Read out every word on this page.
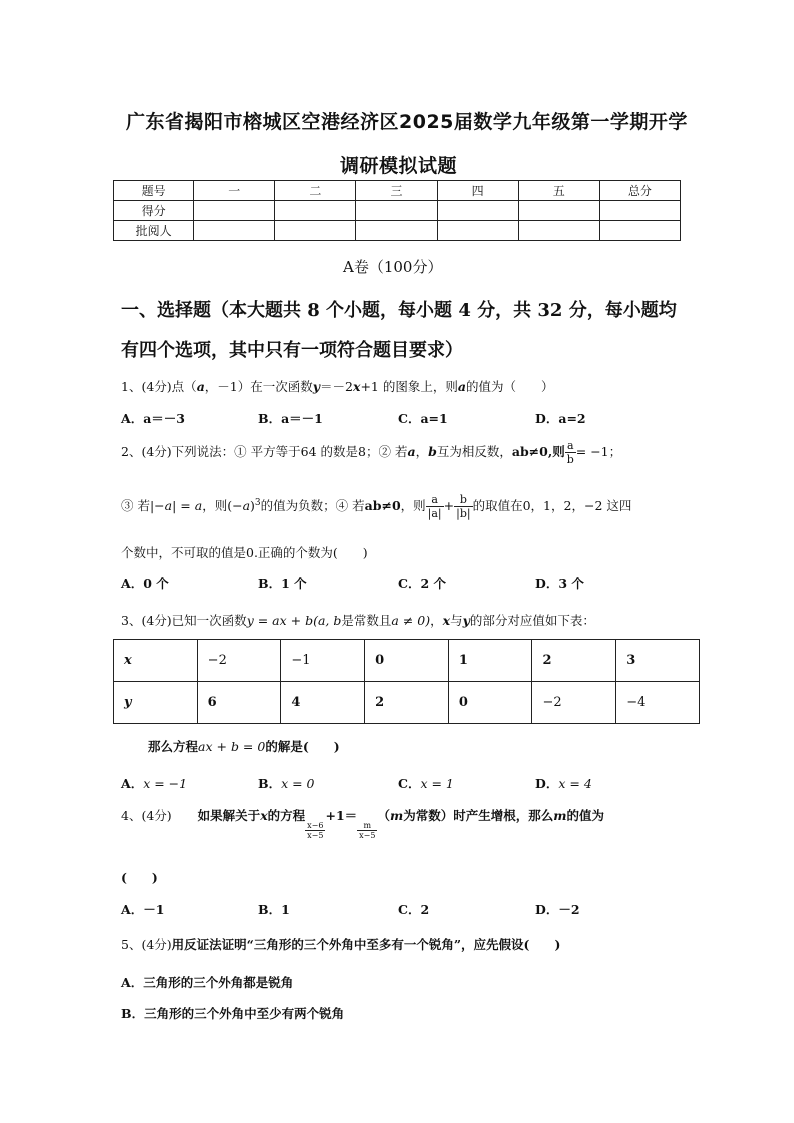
广东省揭阳市榕城区空港经济区2025届数学九年级第一学期开学
调研模拟试题
题号	一	二	三	四	五	总分
得分						
批阅人						
A卷（100分）
一、选择题（本大题共 8 个小题，每小题 4 分，共 32 分，每小题均
有四个选项，其中只有一项符合题目要求）
1、(4分)点（a，－1）在一次函数y＝－2x+1 的图象上，则a的值为（　　）
A．a＝－3	B．a＝－1	C．a=1	D．a=2
2、(4分)下列说法：① 平方等于64 的数是8；② 若a，b互为相反数，ab≠0,则 $\frac{a}{b} = -1$；
③ 若|−a| = a，则$(-a)^3$的值为负数；④ 若ab≠0，则 $\frac{a}{|a|} + \frac{b}{|b|}$ 的取值在0，1，2，−2 这四
个数中，不可取的值是0.正确的个数为(　　)
A．0 个	B．1 个	C．2 个	D．3 个
3、(4分)已知一次函数y = ax + b(a, b是常数且a ≠ 0)，x与y的部分对应值如下表：
x	−2	−1	0	1	2	3
y	6	4	2	0	−2	−4
那么方程ax + b = 0的解是(　　)
A．x = −1	B．x = 0	C．x = 1	D．x = 4
4、(4分) 如果解关于x的方程
$\frac{x-6}{x-5}$
+1＝
$\frac{m}{x-5}$
（m为常数）时产生增根，那么m的值为
(　　)
A．－1	B．1	C．2	D．－2
5、(4分)用反证法证明“三角形的三个外角中至多有一个锐角”，应先假设(　　)
A．三角形的三个外角都是锐角
B．三角形的三个外角中至少有两个锐角
